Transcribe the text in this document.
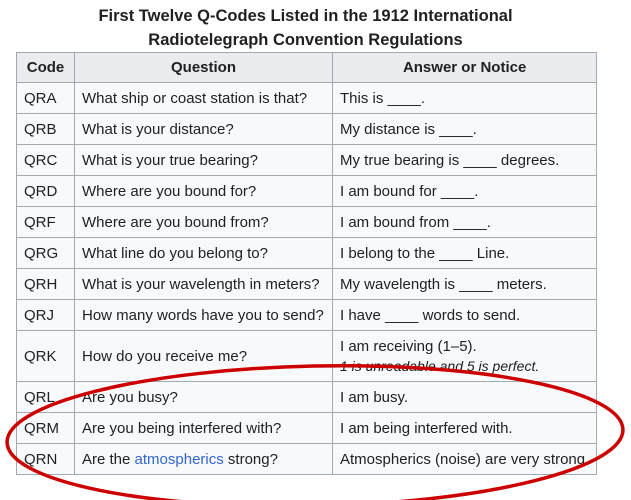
First Twelve Q-Codes Listed in the 1912 International
Radiotelegraph Convention Regulations
Code	Question	Answer or Notice
QRA	What ship or coast station is that?	This is ____.
QRB	What is your distance?	My distance is ____.
QRC	What is your true bearing?	My true bearing is ____ degrees.
QRD	Where are you bound for?	I am bound for ____.
QRF	Where are you bound from?	I am bound from ____.
QRG	What line do you belong to?	I belong to the ____ Line.
QRH	What is your wavelength in meters?	My wavelength is ____ meters.
QRJ	How many words have you to send?	I have ____ words to send.
QRK	How do you receive me?	I am receiving (1–5).
1 is unreadable and 5 is perfect.

QRL	Are you busy?	I am busy.
QRM	Are you being interfered with?	I am being interfered with.
QRN	Are the atmospherics strong?	Atmospherics (noise) are very strong.
